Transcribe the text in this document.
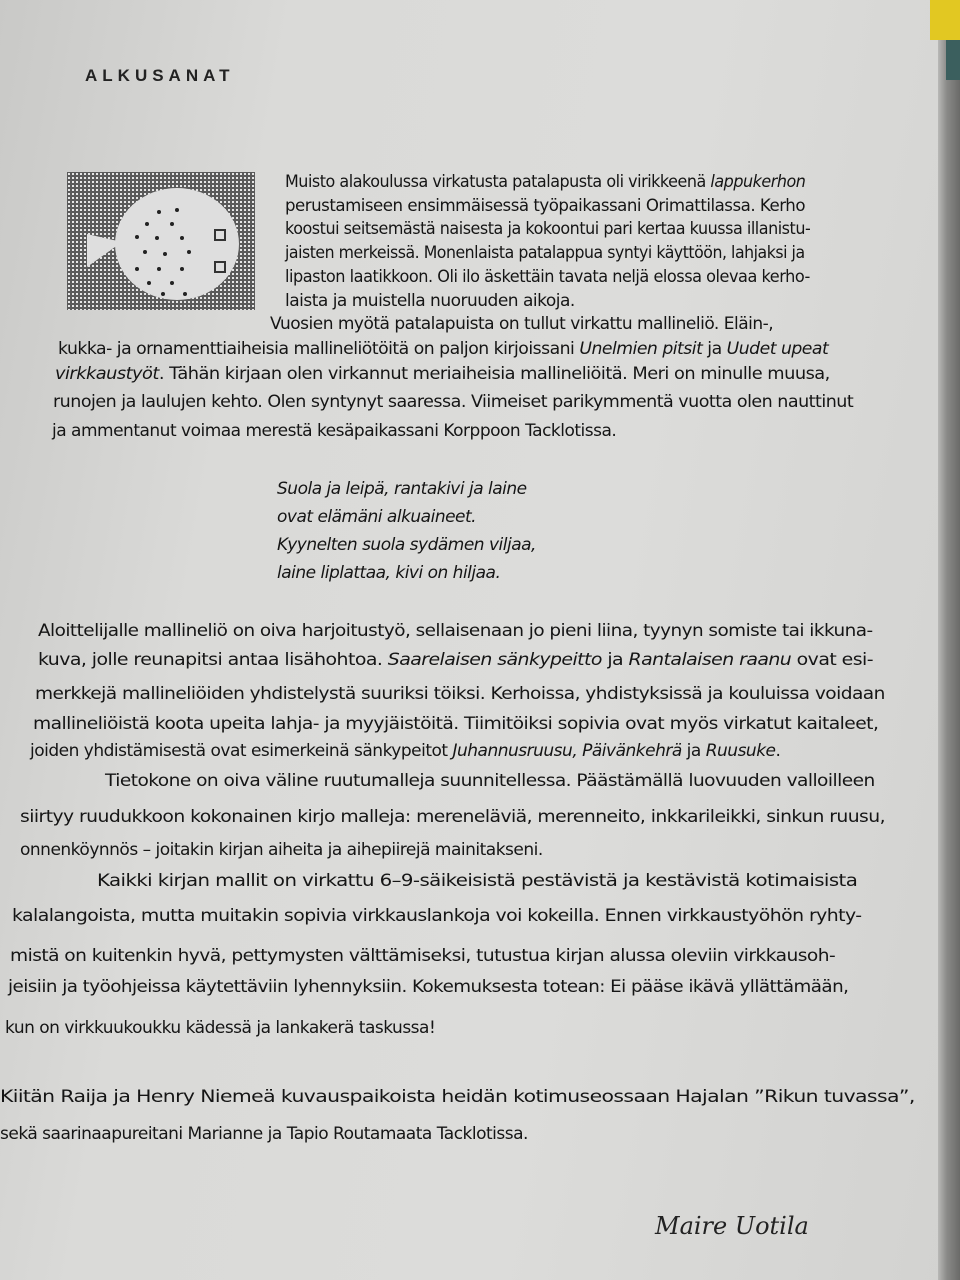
ALKUSANAT
Muisto alakoulussa virkatusta patalapusta oli virikkeenä lappukerhon
perustamiseen ensimmäisessä työpaikassani Orimattilassa. Kerho
koostui seitsemästä naisesta ja kokoontui pari kertaa kuussa illanistu-
jaisten merkeissä. Monenlaista patalappua syntyi käyttöön, lahjaksi ja
lipaston laatikkoon. Oli ilo äskettäin tavata neljä elossa olevaa kerho-
laista ja muistella nuoruuden aikoja.
Vuosien myötä patalapuista on tullut virkattu mallineliö. Eläin-,
kukka- ja ornamenttiaiheisia mallineliötöitä on paljon kirjoissani Unelmien pitsit ja Uudet upeat
virkkaustyöt. Tähän kirjaan olen virkannut meriaiheisia mallineliöitä. Meri on minulle muusa,
runojen ja laulujen kehto. Olen syntynyt saaressa. Viimeiset parikymmentä vuotta olen nauttinut
ja ammentanut voimaa merestä kesäpaikassani Korppoon Tacklotissa.
Suola ja leipä, rantakivi ja laine
ovat elämäni alkuaineet.
Kyynelten suola sydämen viljaa,
laine liplattaa, kivi on hiljaa.
Aloittelijalle mallineliö on oiva harjoitustyö, sellaisenaan jo pieni liina, tyynyn somiste tai ikkuna-
kuva, jolle reunapitsi antaa lisähohtoa. Saarelaisen sänkypeitto ja Rantalaisen raanu ovat esi-
merkkejä mallineliöiden yhdistelystä suuriksi töiksi. Kerhoissa, yhdistyksissä ja kouluissa voidaan
mallineliöistä koota upeita lahja- ja myyjäistöitä. Tiimitöiksi sopivia ovat myös virkatut kaitaleet,
joiden yhdistämisestä ovat esimerkeinä sänkypeitot Juhannusruusu, Päivänkehrä ja Ruusuke.
Tietokone on oiva väline ruutumalleja suunnitellessa. Päästämällä luovuuden valloilleen
siirtyy ruudukkoon kokonainen kirjo malleja: mereneläviä, merenneito, inkkarileikki, sinkun ruusu,
onnenköynnös – joitakin kirjan aiheita ja aihepiirejä mainitakseni.
Kaikki kirjan mallit on virkattu 6–9-säikeisistä pestävistä ja kestävistä kotimaisista
kalalangoista, mutta muitakin sopivia virkkauslankoja voi kokeilla. Ennen virkkaustyöhön ryhty-
mistä on kuitenkin hyvä, pettymysten välttämiseksi, tutustua kirjan alussa oleviin virkkausoh-
jeisiin ja työohjeissa käytettäviin lyhennyksiin. Kokemuksesta totean: Ei pääse ikävä yllättämään,
kun on virkkuukoukku kädessä ja lankakerä taskussa!
Kiitän Raija ja Henry Niemeä kuvauspaikoista heidän kotimuseossaan Hajalan ”Rikun tuvassa”,
sekä saarinaapureitani Marianne ja Tapio Routamaata Tacklotissa.
Maire Uotila
